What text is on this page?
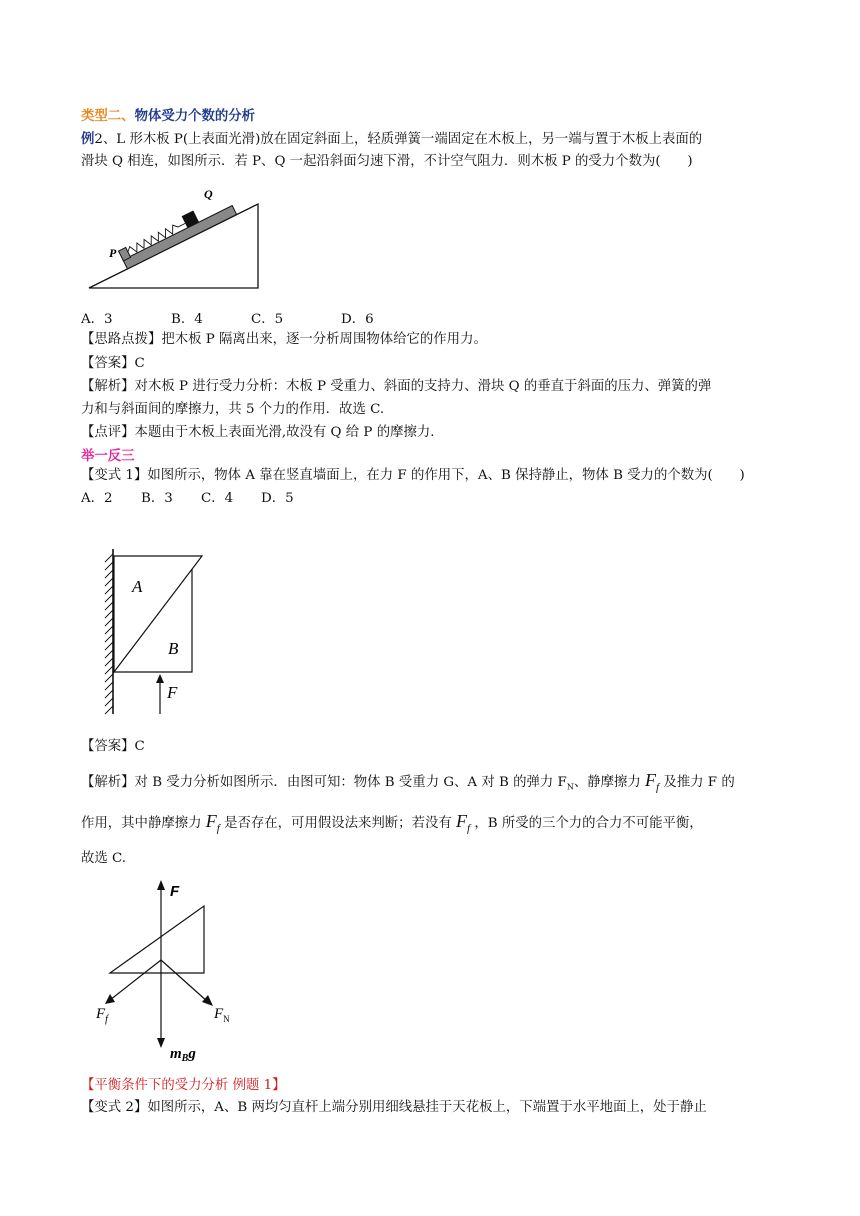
类型二、物体受力个数的分析
例2、L 形木板 P(上表面光滑)放在固定斜面上，轻质弹簧一端固定在木板上，另一端与置于木板上表面的
滑块 Q 相连，如图所示．若 P、Q 一起沿斜面匀速下滑，不计空气阻力．则木板 P 的受力个数为(　　)
P
Q
A．3	B．4	C．5	D．6
【思路点拨】把木板 P 隔离出来，逐一分析周围物体给它的作用力。
【答案】C
【解析】对木板 P 进行受力分析：木板 P 受重力、斜面的支持力、滑块 Q 的垂直于斜面的压力、弹簧的弹
力和与斜面间的摩擦力，共 5 个力的作用．故选 C.
【点评】本题由于木板上表面光滑,故没有 Q 给 P 的摩擦力.
举一反三
【变式 1】如图所示，物体 A 靠在竖直墙面上，在力 F 的作用下，A、B 保持静止，物体 B 受力的个数为(　　)
A．2 B．3 C．4 D．5
A
B
F
【答案】C
【解析】对 B 受力分析如图所示．由图可知：物体 B 受重力 G、A 对 B 的弹力 $F_N$、静摩擦力 $F_f$ 及推力 F 的
作用，其中静摩擦力 $F_f$ 是否存在，可用假设法来判断；若没有 $F_f$ ，B 所受的三个力的合力不可能平衡，
故选 C.
F
$F_f$	$F_N$
$m_Bg$
【平衡条件下的受力分析 例题 1】
【变式 2】如图所示，A、B 两均匀直杆上端分别用细线悬挂于天花板上，下端置于水平地面上，处于静止
